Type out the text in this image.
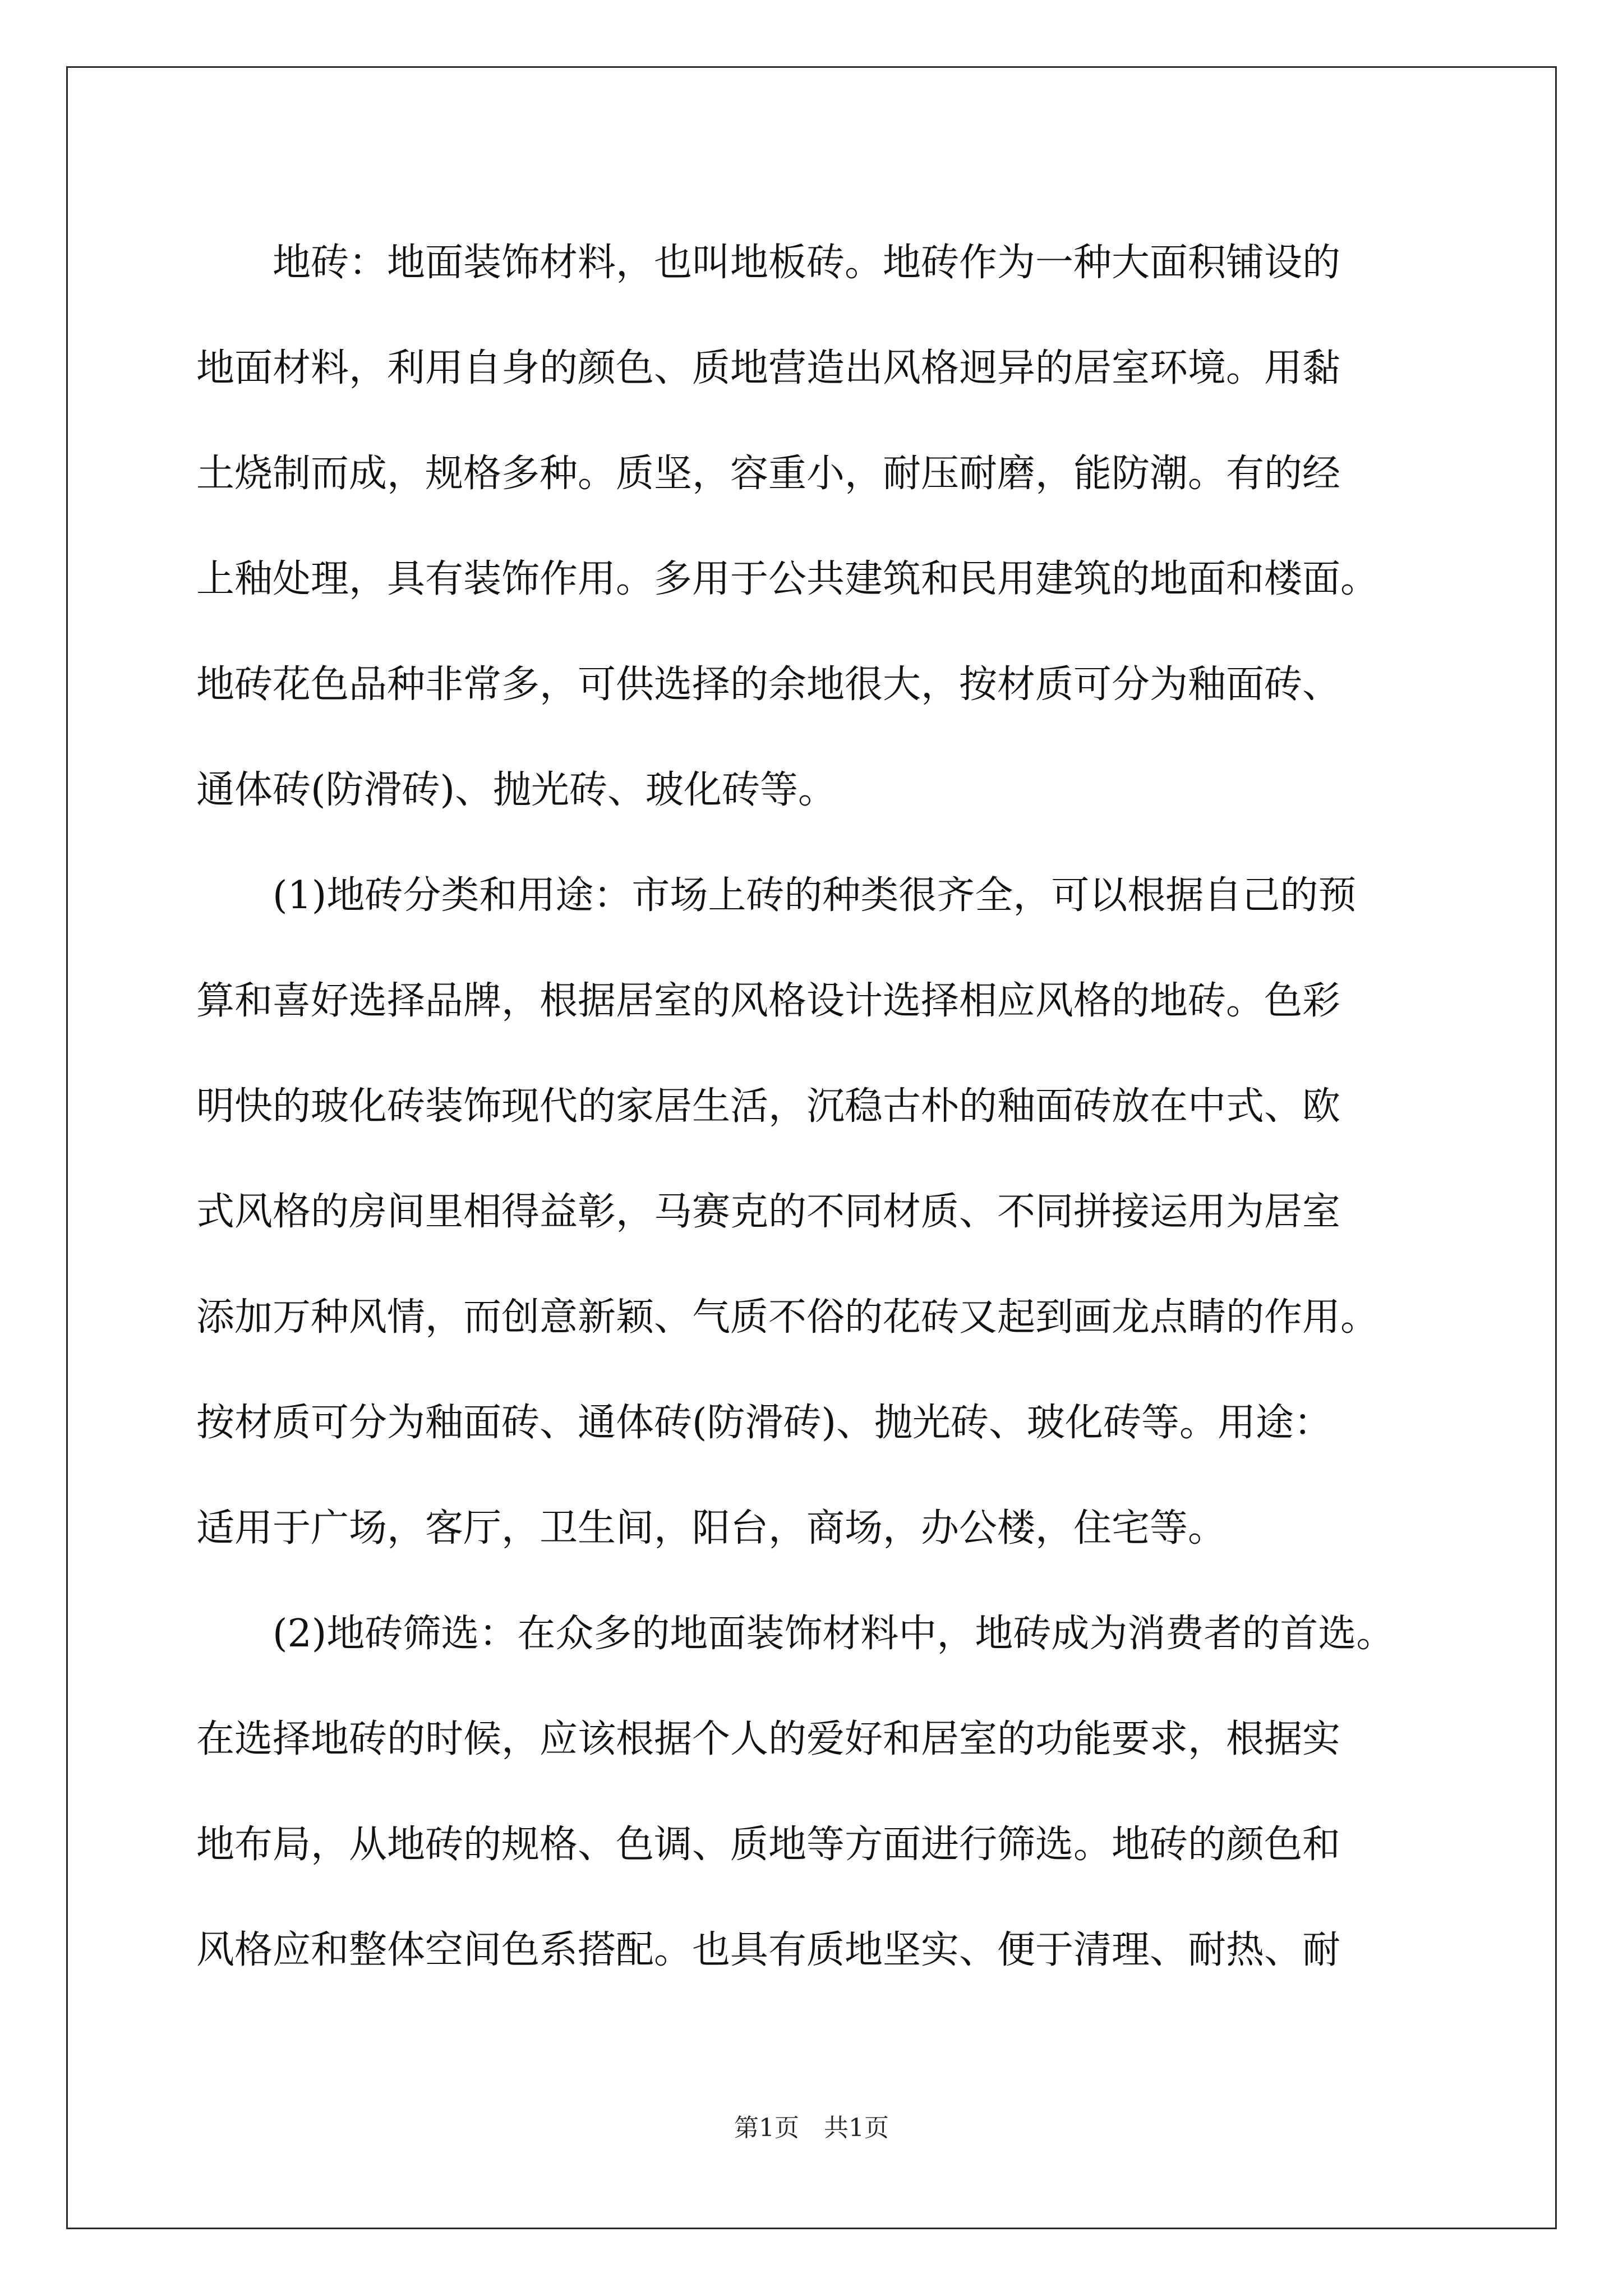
　　地砖：地面装饰材料，也叫地板砖。地砖作为一种大面积铺设的
地面材料，利用自身的颜色、质地营造出风格迥异的居室环境。用黏
土烧制而成，规格多种。质坚，容重小，耐压耐磨，能防潮。有的经
上釉处理，具有装饰作用。多用于公共建筑和民用建筑的地面和楼面。
地砖花色品种非常多，可供选择的余地很大，按材质可分为釉面砖、
通体砖(防滑砖)、抛光砖、玻化砖等。
　　(1)地砖分类和用途：市场上砖的种类很齐全，可以根据自己的预
算和喜好选择品牌，根据居室的风格设计选择相应风格的地砖。色彩
明快的玻化砖装饰现代的家居生活，沉稳古朴的釉面砖放在中式、欧
式风格的房间里相得益彰，马赛克的不同材质、不同拼接运用为居室
添加万种风情，而创意新颖、气质不俗的花砖又起到画龙点睛的作用。
按材质可分为釉面砖、通体砖(防滑砖)、抛光砖、玻化砖等。用途：
适用于广场，客厅，卫生间，阳台，商场，办公楼，住宅等。
　　(2)地砖筛选：在众多的地面装饰材料中，地砖成为消费者的首选。
在选择地砖的时候，应该根据个人的爱好和居室的功能要求，根据实
地布局，从地砖的规格、色调、质地等方面进行筛选。地砖的颜色和
风格应和整体空间色系搭配。也具有质地坚实、便于清理、耐热、耐
第1页　共1页
